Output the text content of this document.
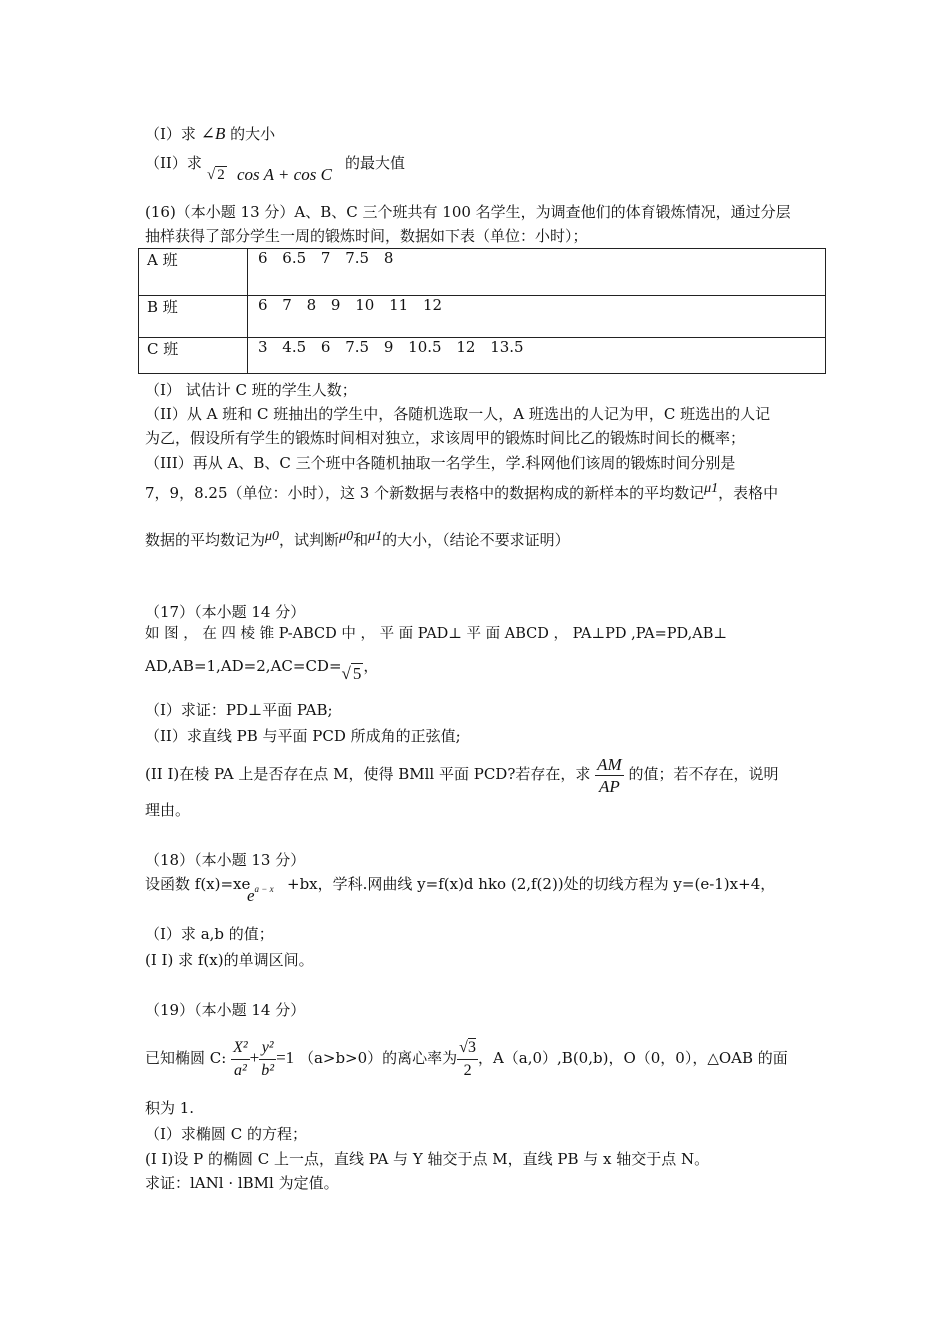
（I）求 ∠B 的大小
（II）求
√ 2 cos A + cos C
的最大值
(16)（本小题 13 分）A、B、C 三个班共有 100 名学生，为调查他们的体育锻炼情况，通过分层
抽样获得了部分学生一周的锻炼时间，数据如下表（单位：小时）；
A 班	6 6.5 7 7.5 8
B 班	6 7 8 9 10 11 12
C 班	3 4.5 6 7.5 9 10.5 12 13.5
（I） 试估计 C 班的学生人数；
（II）从 A 班和 C 班抽出的学生中，各随机选取一人，A 班选出的人记为甲，C 班选出的人记
为乙，假设所有学生的锻炼时间相对独立，求该周甲的锻炼时间比乙的锻炼时间长的概率；
（III）再从 A、B、C 三个班中各随机抽取一名学生，学.科网他们该周的锻炼时间分别是
7，9，8.25（单位：小时），这 3 个新数据与表格中的数据构成的新样本的平均数记μ1，表格中
数据的平均数记为μ0，试判断μ0和μ1的大小，（结论不要求证明）
（17）（本小题 14 分）
如 图 ， 在 四 棱 锥 P-ABCD 中 ， 平 面 PAD⊥ 平 面 ABCD ， PA⊥PD ,PA=PD,AB⊥
AD,AB=1,AD=2,AC=CD=√ 5 ，
（I）求证：PD⊥平面 PAB;
（II）求直线 PB 与平面 PCD 所成角的正弦值;
(II I)在棱 PA 上是否存在点 M，使得 BMll 平面 PCD?若存在，求 $\frac{AM}{AP}$ 的值；若不存在，说明
理由。
（18）（本小题 13 分）
设函数 f(x)=xe
$e^{a - x} +bx$，学科.网曲线 y=f(x)d hko (2,f(2))处的切线方程为 y=(e-1)x+4，
（I）求 a,b 的值；
(I I) 求 f(x)的单调区间。
（19）（本小题 14 分）
已知椭圆 C: $\frac{\text{X²}}{\text{a²}} + \frac{\text{y²}}{\text{b²}} =1$ （a>b>0）的离心率为 $\frac{√3}{2}$ ，A（a,0）,B(0,b)，O（0，0），△OAB 的面
积为 1.
（I）求椭圆 C 的方程；
(I I)设 P 的椭圆 C 上一点，直线 PA 与 Y 轴交于点 M，直线 PB 与 x 轴交于点 N。
求证：lANl · lBMl 为定值。
